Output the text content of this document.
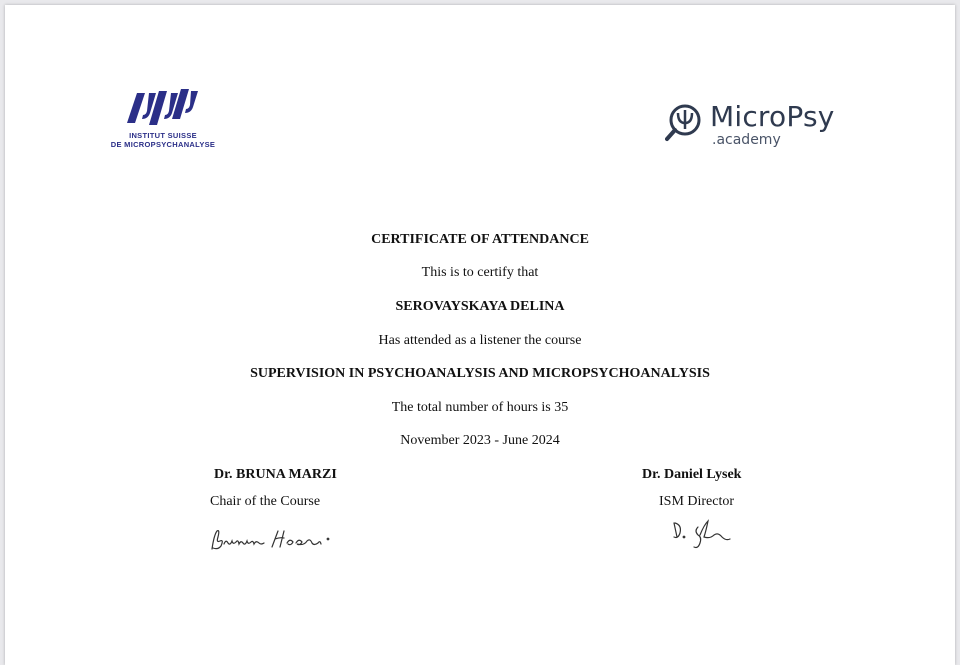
INSTITUT SUISSE
DE MICROPSYCHANALYSE
MicroPsy
.academy
CERTIFICATE OF ATTENDANCE
This is to certify that
SEROVAYSKAYA DELINA
Has attended as a listener the course
SUPERVISION IN PSYCHOANALYSIS AND MICROPSYCHOANALYSIS
The total number of hours is 35
November 2023 - June 2024
Dr. BRUNA MARZI
Chair of the Course
Dr. Daniel Lysek
ISM Director
